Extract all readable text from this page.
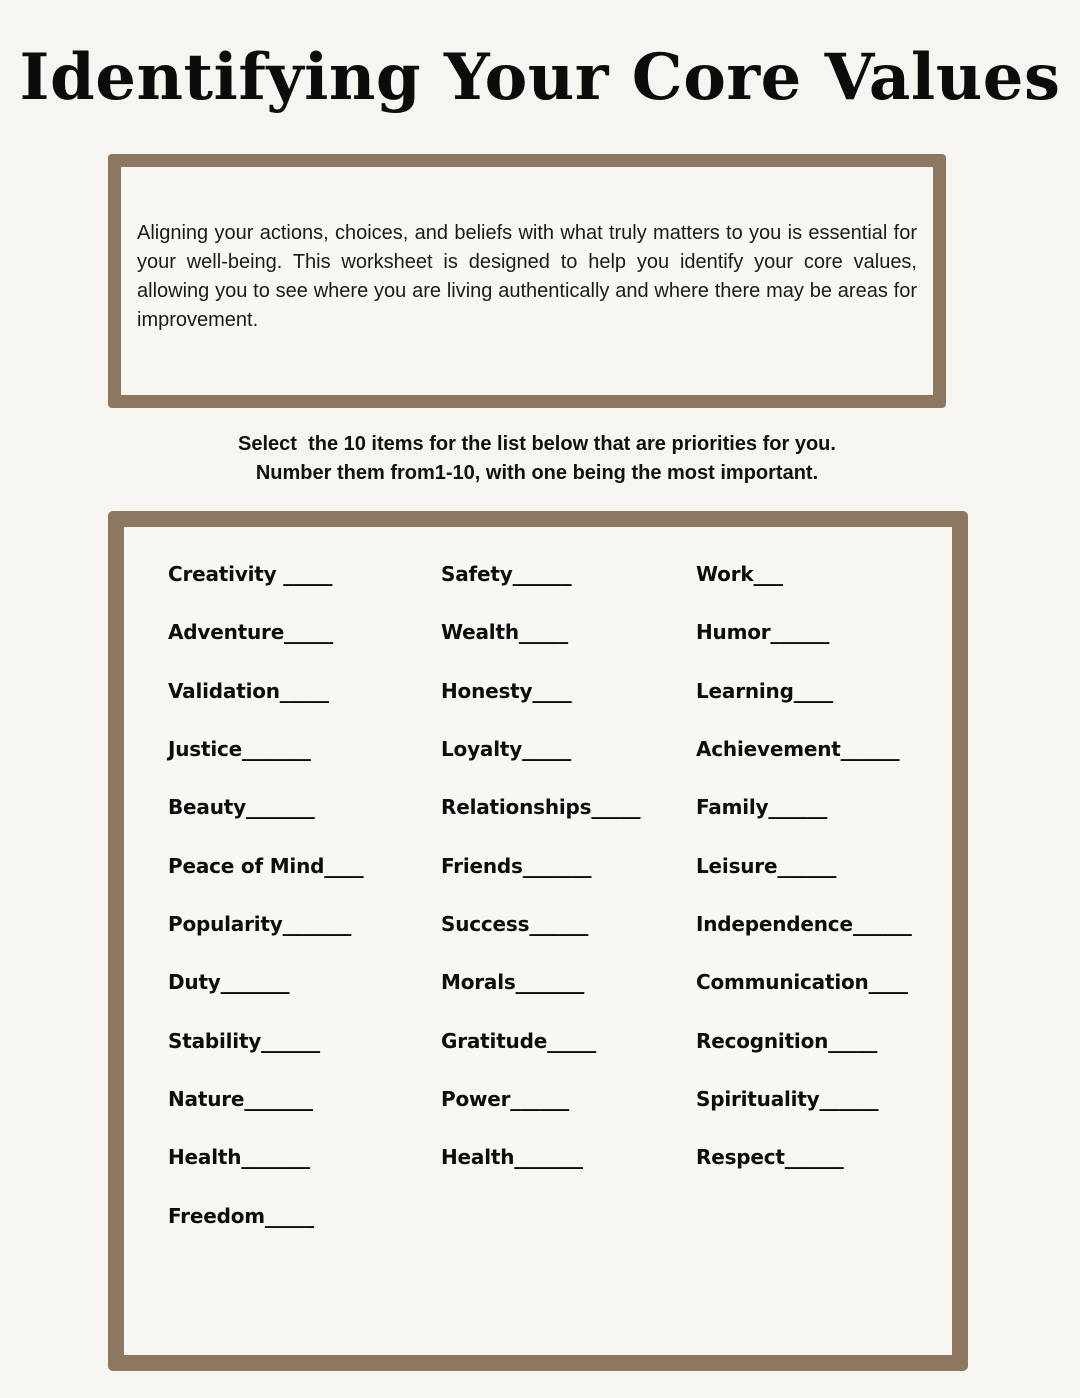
Identifying Your Core Values

Aligning your actions, choices, and beliefs with what truly matters to you is essential for your well-being. This worksheet is designed to help you identify your core values, allowing you to see where you are living authentically and where there may be areas for improvement.

Select  the 10 items for the list below that are priorities for you.
Number them from1-10, with one being the most important.
Creativity _____
Adventure_____
Validation_____
Justice_______
Beauty_______
Peace of Mind____
Popularity_______
Duty_______
Stability______
Nature_______
Health_______
Freedom_____
Safety______
Wealth_____
Honesty____
Loyalty_____
Relationships_____
Friends_______
Success______
Morals_______
Gratitude_____
Power______
Health_______
Work___
Humor______
Learning____
Achievement______
Family______
Leisure______
Independence______
Communication____
Recognition_____
Spirituality______
Respect______
